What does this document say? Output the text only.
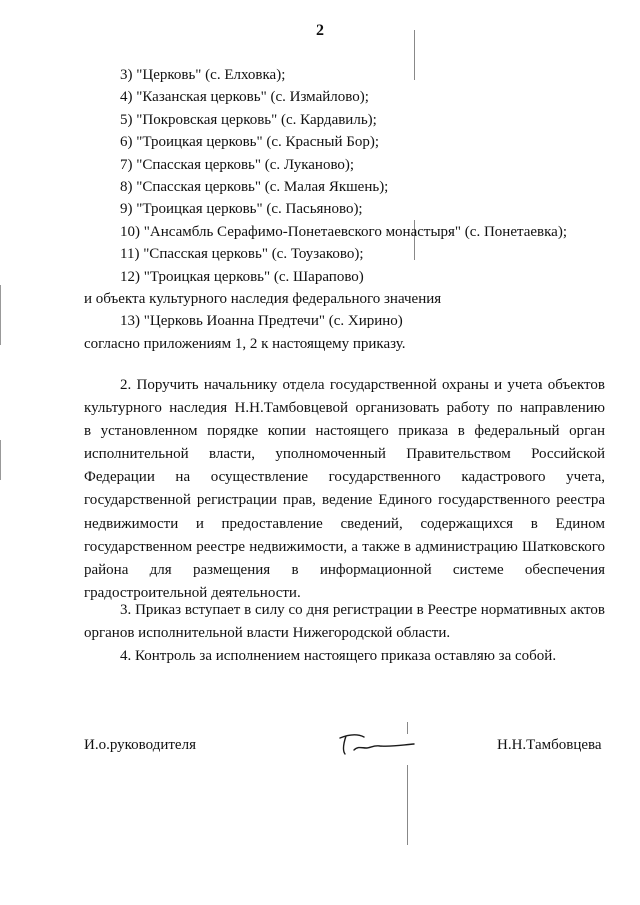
2
3) "Церковь" (с. Елховка);
4) "Казанская церковь" (с. Измайлово);
5) "Покровская церковь" (с. Кардавиль);
6) "Троицкая церковь" (с. Красный Бор);
7) "Спасская церковь" (с. Луканово);
8) "Спасская церковь" (с. Малая Якшень);
9) "Троицкая церковь" (с. Пасьяново);
10) "Ансамбль Серафимо-Понетаевского монастыря" (с. Понетаевка);
11) "Спасская церковь" (с. Тоузаково);
12) "Троицкая церковь" (с. Шарапово)
и объекта культурного наследия федерального значения
13) "Церковь Иоанна Предтечи" (с. Хирино)
согласно приложениям 1, 2 к настоящему приказу.
2. Поручить начальнику отдела государственной охраны и учета объектов
культурного наследия Н.Н.Тамбовцевой организовать работу по направлению
в установленном порядке копии настоящего приказа в федеральный орган
исполнительной власти, уполномоченный Правительством Российской
Федерации на осуществление государственного кадастрового учета,
государственной регистрации прав, ведение Единого государственного реестра
недвижимости и предоставление сведений, содержащихся в Едином
государственном реестре недвижимости, а также в администрацию Шатковского
района для размещения в информационной системе обеспечения
градостроительной деятельности.
3. Приказ вступает в силу со дня регистрации в Реестре нормативных актов
органов исполнительной власти Нижегородской области.
4. Контроль за исполнением настоящего приказа оставляю за собой.
И.о.руководителя	Н.Н.Тамбовцева
